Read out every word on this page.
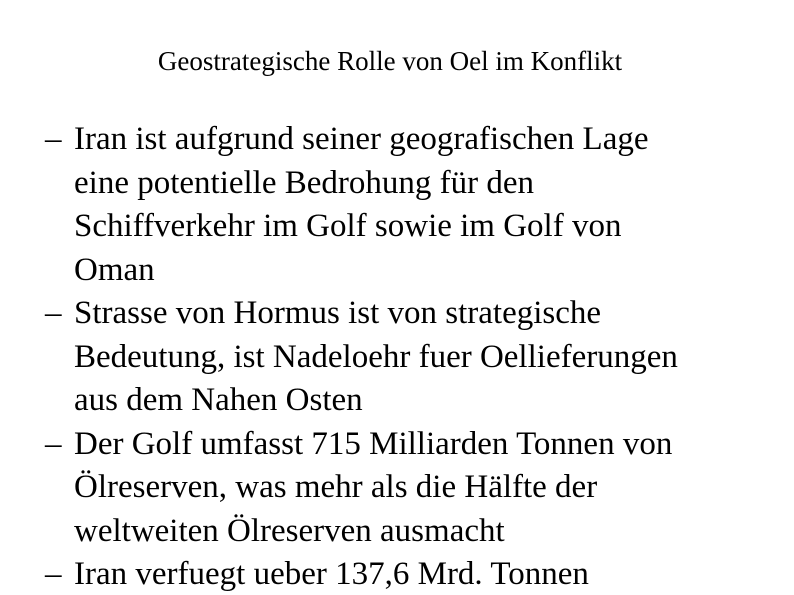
Geostrategische Rolle von Oel im Konflikt
– Iran ist aufgrund seiner geografischen Lage
eine potentielle Bedrohung für den
Schiffverkehr im Golf sowie im Golf von
Oman
– Strasse von Hormus ist von strategische
Bedeutung, ist Nadeloehr fuer Oellieferungen
aus dem Nahen Osten
– Der Golf umfasst 715 Milliarden Tonnen von
Ölreserven, was mehr als die Hälfte der
weltweiten Ölreserven ausmacht
– Iran verfuegt ueber 137,6 Mrd. Tonnen
